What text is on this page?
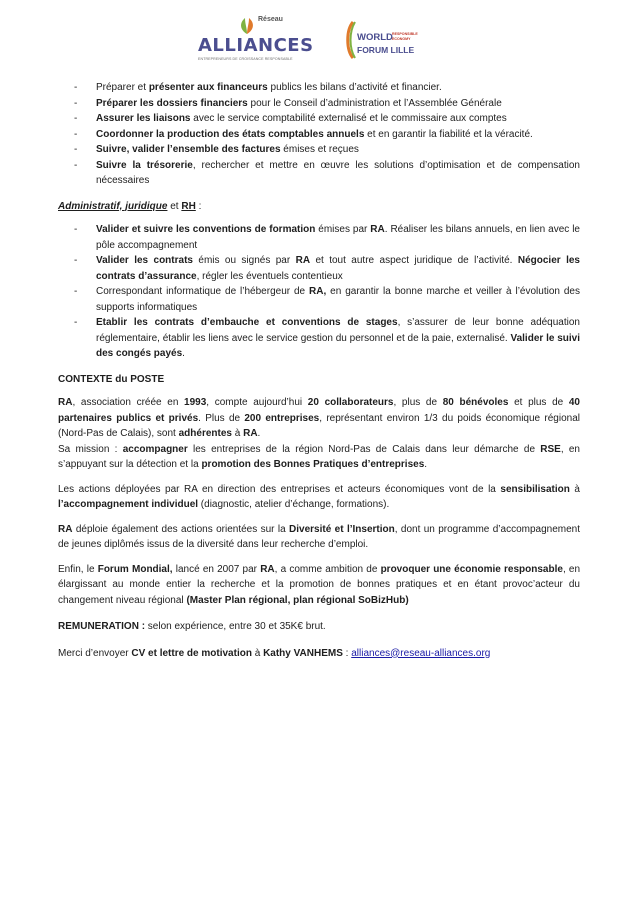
Réseau
ALLIANCES
ENTREPRENEURS DE CROISSANCE RESPONSABLE
WORLD
FORUM LILLE
RESPONSIBLE
ECONOMY
- Préparer et présenter aux financeurs publics les bilans d’activité et financier.
- Préparer les dossiers financiers pour le Conseil d’administration et l’Assemblée Générale
- Assurer les liaisons avec le service comptabilité externalisé et le commissaire aux comptes
- Coordonner la production des états comptables annuels et en garantir la fiabilité et la véracité.
- Suivre, valider l’ensemble des factures émises et reçues
- Suivre la trésorerie, rechercher et mettre en œuvre les solutions d’optimisation et de compensation nécessaires

Administratif, juridique et RH :

- Valider et suivre les conventions de formation émises par RA. Réaliser les bilans annuels, en lien avec le pôle accompagnement
- Valider les contrats émis ou signés par RA et tout autre aspect juridique de l’activité. Négocier les contrats d’assurance, régler les éventuels contentieux
- Correspondant informatique de l’hébergeur de RA, en garantir la bonne marche et veiller à l’évolution des supports informatiques
- Etablir les contrats d’embauche et conventions de stages, s’assurer de leur bonne adéquation réglementaire, établir les liens avec le service gestion du personnel et de la paie, externalisé. Valider le suivi des congés payés.

CONTEXTE du POSTE

RA, association créée en 1993, compte aujourd’hui 20 collaborateurs, plus de 80 bénévoles et plus de 40 partenaires publics et privés. Plus de 200 entreprises, représentant environ 1/3 du poids économique régional (Nord-Pas de Calais), sont adhérentes à RA.

Sa mission : accompagner les entreprises de la région Nord-Pas de Calais dans leur démarche de RSE, en s’appuyant sur la détection et la promotion des Bonnes Pratiques d’entreprises.

Les actions déployées par RA en direction des entreprises et acteurs économiques vont de la sensibilisation à l’accompagnement individuel (diagnostic, atelier d’échange, formations).

RA déploie également des actions orientées sur la Diversité et l’Insertion, dont un programme d’accompagnement de jeunes diplômés issus de la diversité dans leur recherche d’emploi.

Enfin, le Forum Mondial, lancé en 2007 par RA, a comme ambition de provoquer une économie responsable, en élargissant au monde entier la recherche et la promotion de bonnes pratiques et en étant provoc’acteur du changement niveau régional (Master Plan régional, plan régional SoBizHub)

REMUNERATION : selon expérience, entre 30 et 35K€ brut.

Merci d’envoyer CV et lettre de motivation à Kathy VANHEMS : alliances@reseau-alliances.org
